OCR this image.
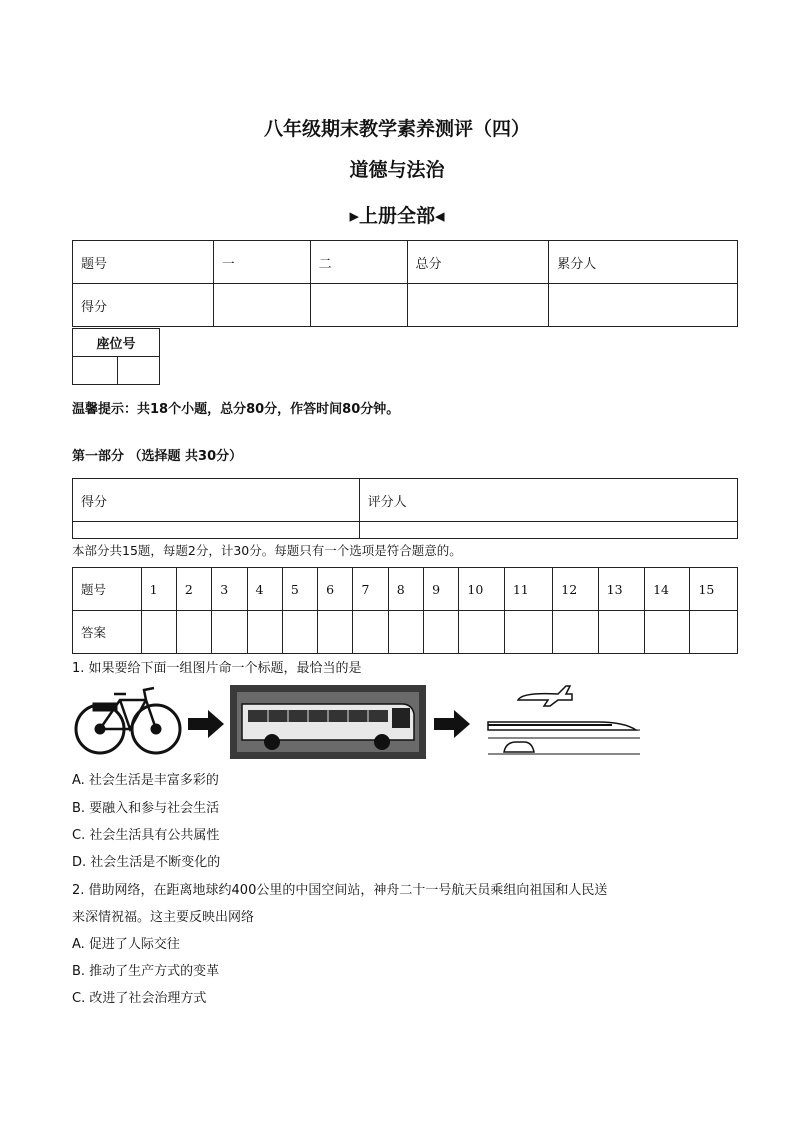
八年级期末教学素养测评（四）
道德与法治
▸上册全部◂
题号	一	二	总分	累分人
得分				
座位号

温馨提示：共18个小题，总分80分，作答时间80分钟。
第一部分 （选择题 共30分）
得分	评分人

本部分共15题，每题2分，计30分。每题只有一个选项是符合题意的。
题号	1	2	3	4	5	6	7	8	9	10	11	12	13	14	15
答案															
1. 如果要给下面一组图片命一个标题，最恰当的是
A. 社会生活是丰富多彩的
B. 要融入和参与社会生活
C. 社会生活具有公共属性
D. 社会生活是不断变化的
2. 借助网络，在距离地球约400公里的中国空间站，神舟二十一号航天员乘组向祖国和人民送
来深情祝福。这主要反映出网络
A. 促进了人际交往
B. 推动了生产方式的变革
C. 改进了社会治理方式
